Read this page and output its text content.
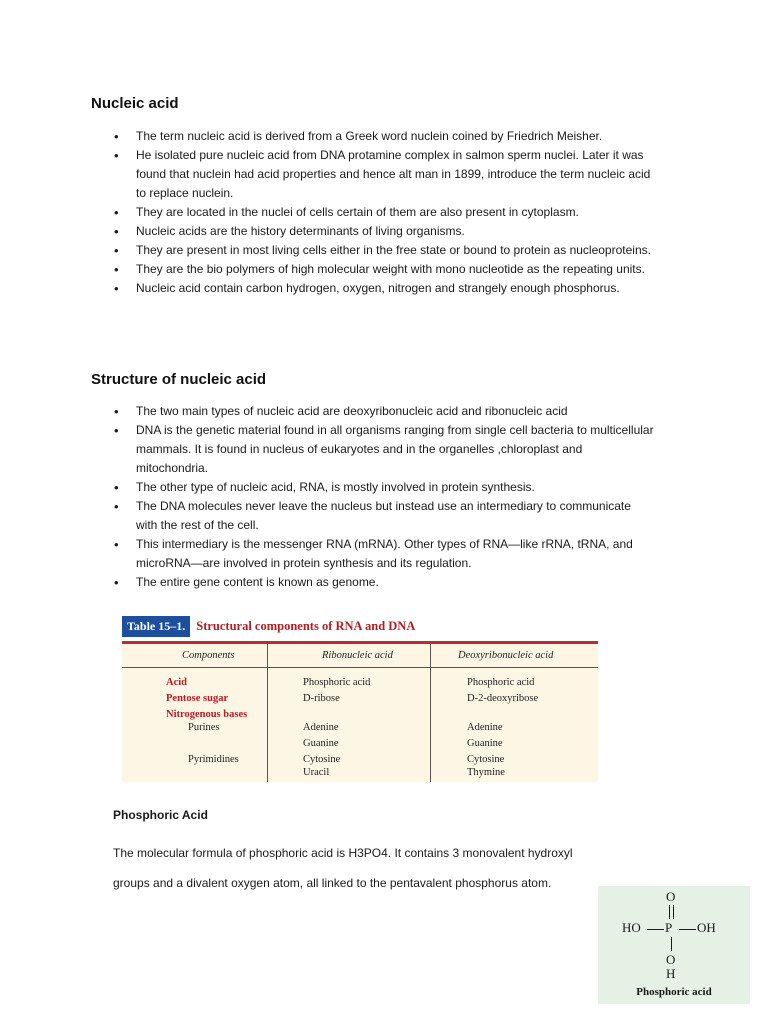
Nucleic acid
• The term nucleic acid is derived from a Greek word nuclein coined by Friedrich Meisher.
• He isolated pure nucleic acid from DNA protamine complex in salmon sperm nuclei. Later it was found that nuclein had acid properties and hence alt man in 1899, introduce the term nucleic acid to replace nuclein.
• They are located in the nuclei of cells certain of them are also present in cytoplasm.
• Nucleic acids are the history determinants of living organisms.
• They are present in most living cells either in the free state or bound to protein as nucleoproteins.
• They are the bio polymers of high molecular weight with mono nucleotide as the repeating units.
• Nucleic acid contain carbon hydrogen, oxygen, nitrogen and strangely enough phosphorus.
Structure of nucleic acid
• The two main types of nucleic acid are deoxyribonucleic acid and ribonucleic acid
• DNA is the genetic material found in all organisms ranging from single cell bacteria to multicellular mammals. It is found in nucleus of eukaryotes and in the organelles ,chloroplast and mitochondria.
• The other type of nucleic acid, RNA, is mostly involved in protein synthesis.
• The DNA molecules never leave the nucleus but instead use an intermediary to communicate with the rest of the cell.
• This intermediary is the messenger RNA (mRNA). Other types of RNA—like rRNA, tRNA, and microRNA—are involved in protein synthesis and its regulation.
• The entire gene content is known as genome.
Table 15–1. Structural components of RNA and DNA
Components	Ribonucleic acid	Deoxyribonucleic acid
Acid
Pentose sugar
Nitrogenous bases
Purines
Pyrimidines
Phosphoric acid
D-ribose
Adenine
Guanine
Cytosine
Uracil
Phosphoric acid
D-2-deoxyribose
Adenine
Guanine
Cytosine
Thymine
Phosphoric Acid

The molecular formula of phosphoric acid is H3PO4. It contains 3 monovalent hydroxyl groups and a divalent oxygen atom, all linked to the pentavalent phosphorus atom.

O
HO P OH
O
H
Phosphoric acid
